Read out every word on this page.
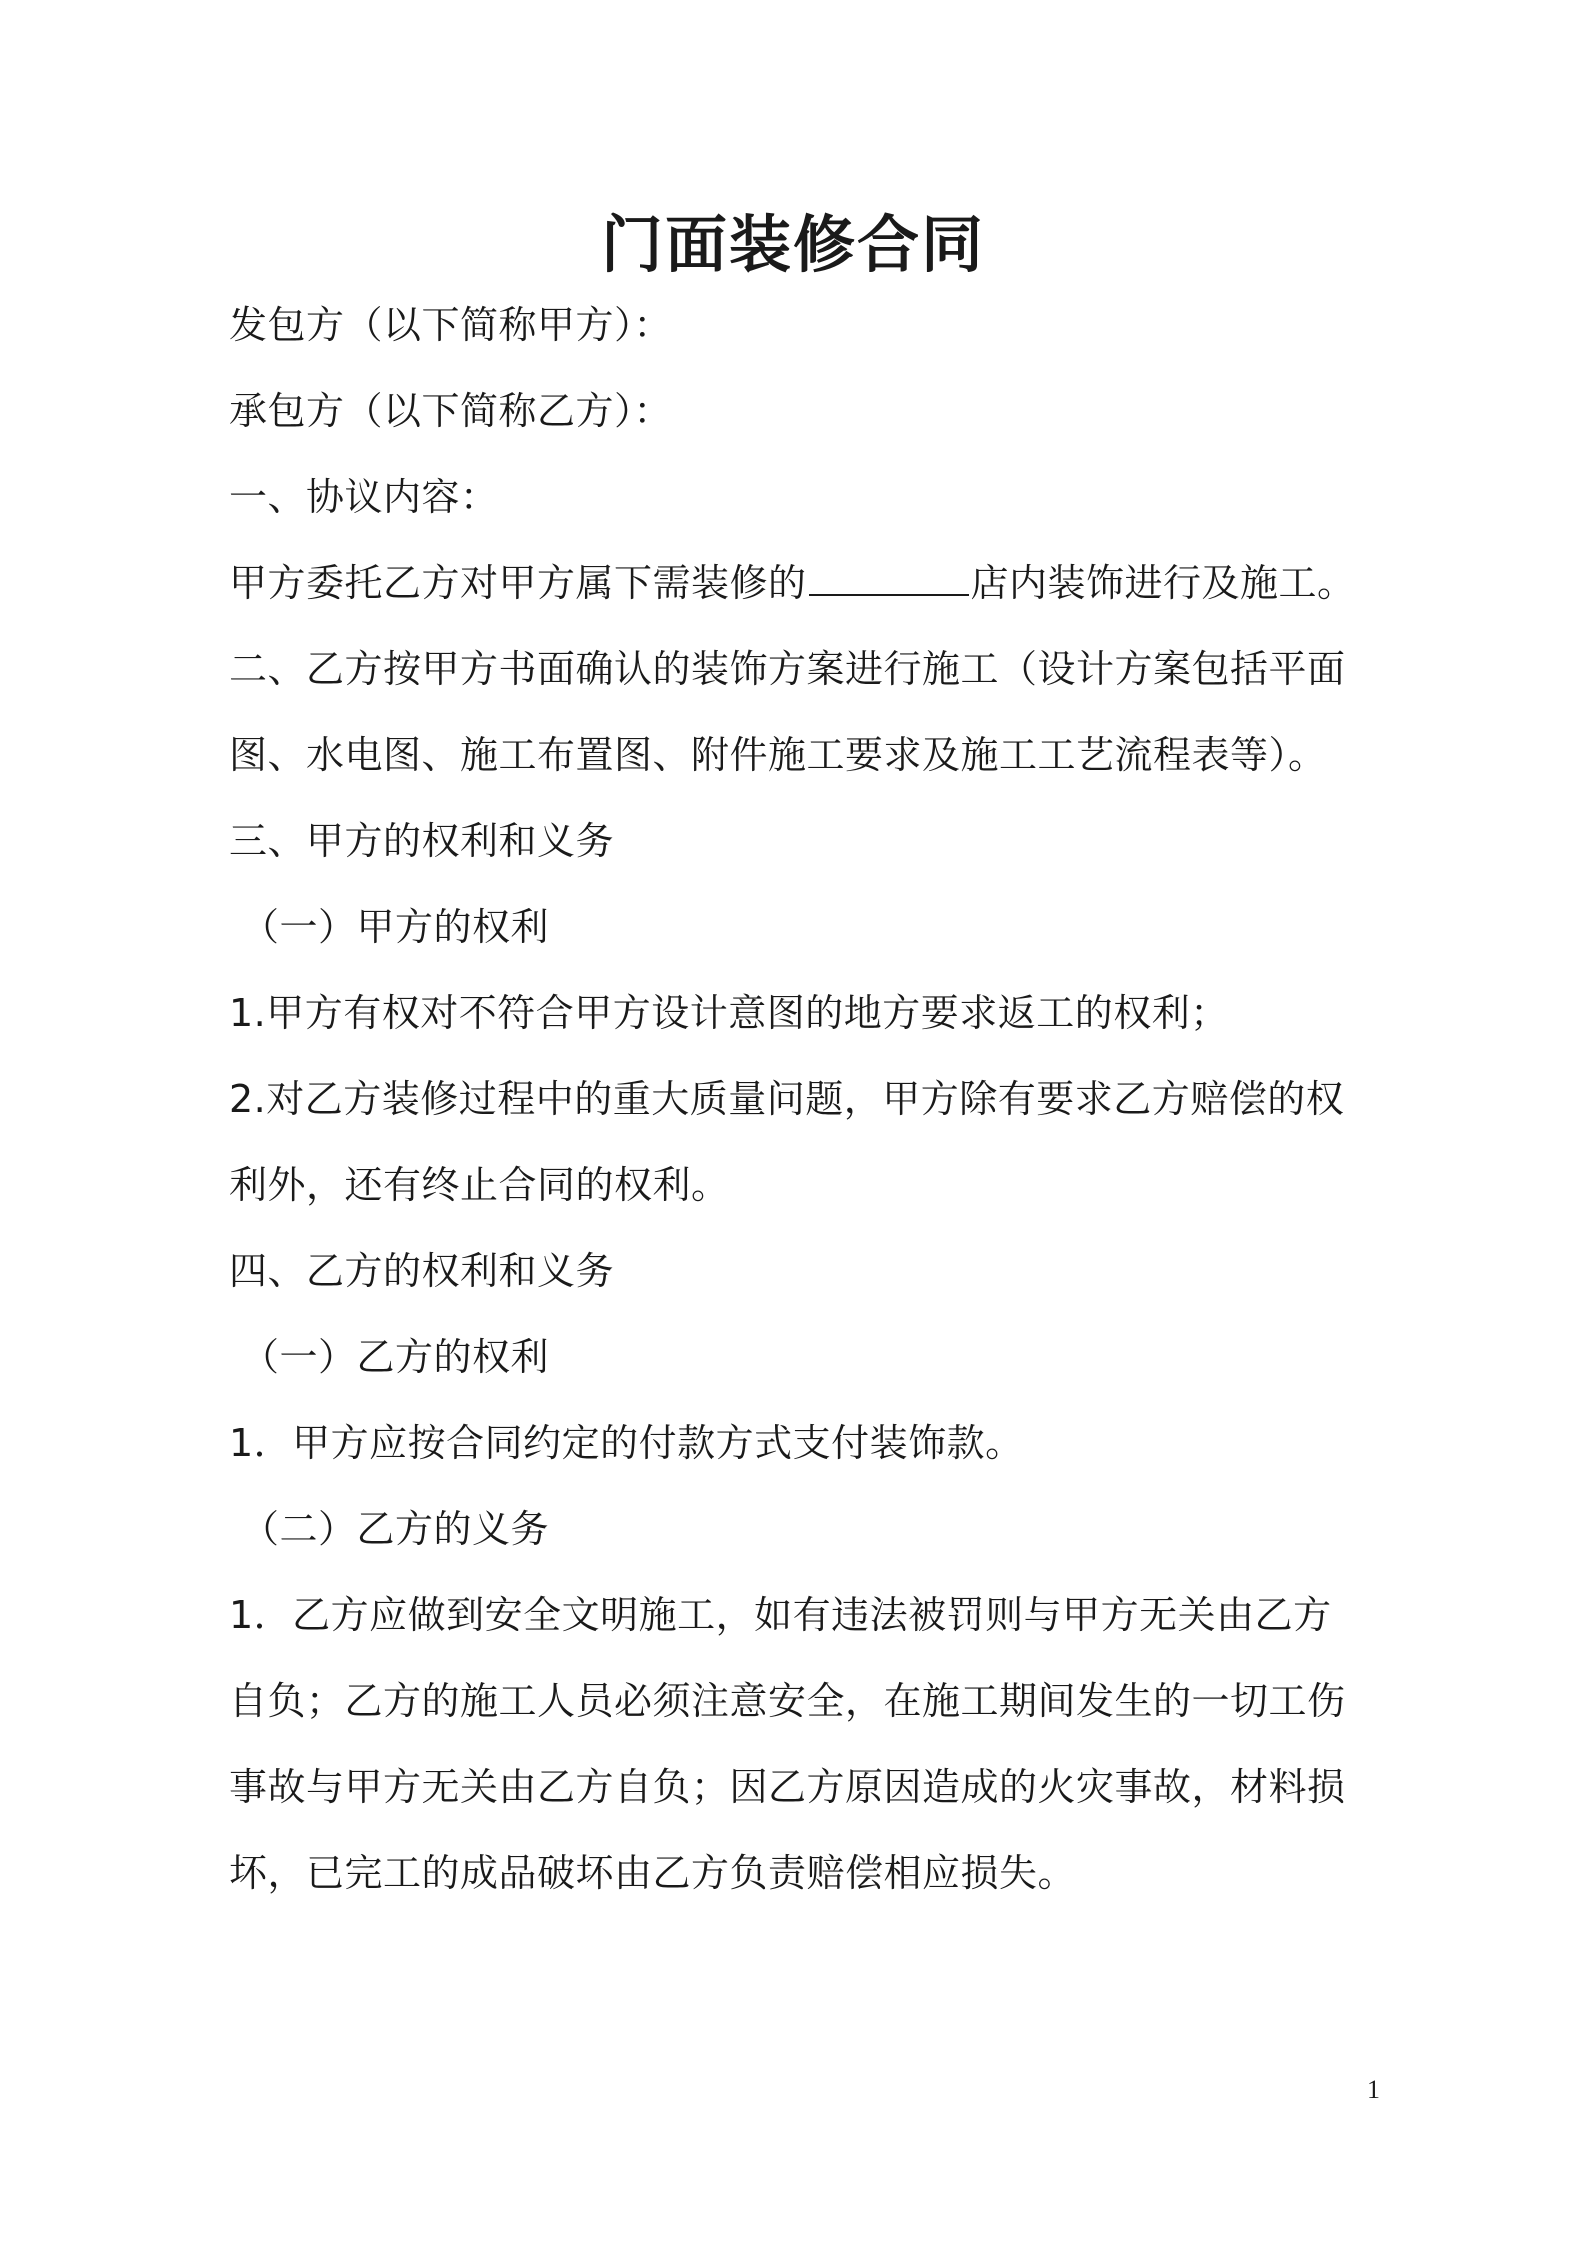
门面装修合同
发包方（以下简称甲方）：
承包方（以下简称乙方）：
一、协议内容：
甲方委托乙方对甲方属下需装修的	店内装饰进行及施工。
二、乙方按甲方书面确认的装饰方案进行施工（设计方案包括平面
图、水电图、施工布置图、附件施工要求及施工工艺流程表等）。
三、甲方的权利和义务
（一）甲方的权利
1.甲方有权对不符合甲方设计意图的地方要求返工的权利；
2.对乙方装修过程中的重大质量问题，甲方除有要求乙方赔偿的权
利外，还有终止合同的权利。
四、乙方的权利和义务
（一）乙方的权利
1．甲方应按合同约定的付款方式支付装饰款。
（二）乙方的义务
1．乙方应做到安全文明施工，如有违法被罚则与甲方无关由乙方
自负；乙方的施工人员必须注意安全，在施工期间发生的一切工伤
事故与甲方无关由乙方自负；因乙方原因造成的火灾事故，材料损
坏，已完工的成品破坏由乙方负责赔偿相应损失。
1
